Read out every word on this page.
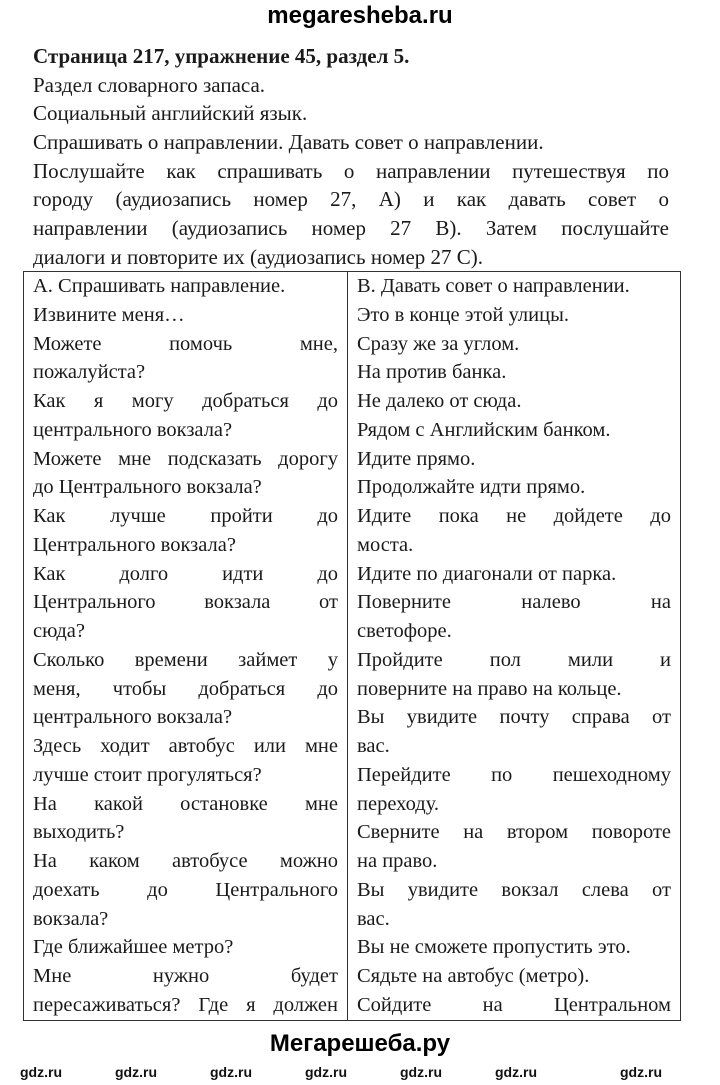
megaresheba.ru
Страница 217, упражнение 45, раздел 5.
Раздел словарного запаса.
Социальный английский язык.
Спрашивать о направлении. Давать совет о направлении.
Послушайте как спрашивать о направлении путешествуя по
городу (аудиозапись номер 27, А) и как давать совет о
направлении (аудиозапись номер 27 В). Затем послушайте
диалоги и повторите их (аудиозапись номер 27 С).
А. Спрашивать направление.
Извините меня…
Можете помочь мне,
пожалуйста?
Как я могу добраться до
центрального вокзала?
Можете мне подсказать дорогу
до Центрального вокзала?
Как лучше пройти до
Центрального вокзала?
Как долго идти до
Центрального вокзала от
сюда?
Сколько времени займет у
меня, чтобы добраться до
центрального вокзала?
Здесь ходит автобус или мне
лучше стоит прогуляться?
На какой остановке мне
выходить?
На каком автобусе можно
доехать до Центрального
вокзала?
Где ближайшее метро?
Мне нужно будет
пересаживаться? Где я должен

В. Давать совет о направлении.
Это в конце этой улицы.
Сразу же за углом.
На против банка.
Не далеко от сюда.
Рядом с Английским банком.
Идите прямо.
Продолжайте идти прямо.
Идите пока не дойдете до
моста.
Идите по диагонали от парка.
Поверните налево на
светофоре.
Пройдите пол мили и
поверните на право на кольце.
Вы увидите почту справа от
вас.
Перейдите по пешеходному
переходу.
Сверните на втором повороте
на право.
Вы увидите вокзал слева от
вас.
Вы не сможете пропустить это.
Сядьте на автобус (метро).
Сойдите на Центральном
gdz.ru	gdz.ru	gdz.ru	gdz.ru	gdz.ru	gdz.ru	gdz.ru
Мегарешеба.ру
